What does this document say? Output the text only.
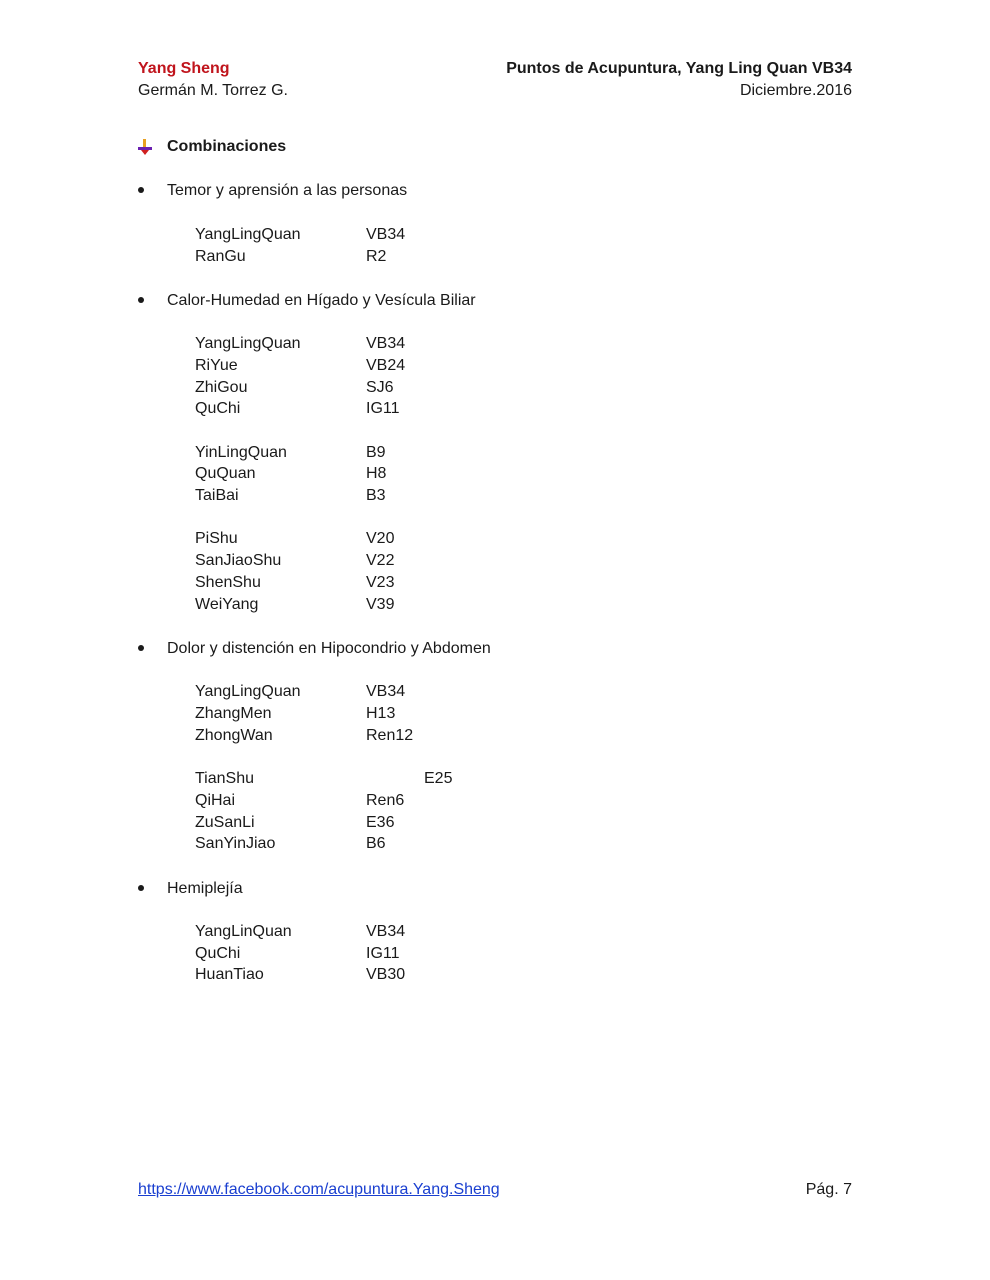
Yang Sheng
Germán M. Torrez G.
Puntos de Acupuntura, Yang Ling Quan VB34
Diciembre.2016
Combinaciones
Temor y aprensión a las personas
YangLingQuan	VB34
RanGu	R2
Calor-Humedad en Hígado y Vesícula Biliar
YangLingQuan	VB34
RiYue	VB24
ZhiGou	SJ6
QuChi	IG11
YinLingQuan	B9
QuQuan	H8
TaiBai	B3
PiShu	V20
SanJiaoShu	V22
ShenShu	V23
WeiYang	V39
Dolor y distención en Hipocondrio y Abdomen
YangLingQuan	VB34
ZhangMen	H13
ZhongWan	Ren12
TianShu	E25
QiHai	Ren6
ZuSanLi	E36
SanYinJiao	B6
Hemiplejía
YangLinQuan	VB34
QuChi	IG11
HuanTiao	VB30
https://www.facebook.com/acupuntura.Yang.Sheng	Pág. 7
